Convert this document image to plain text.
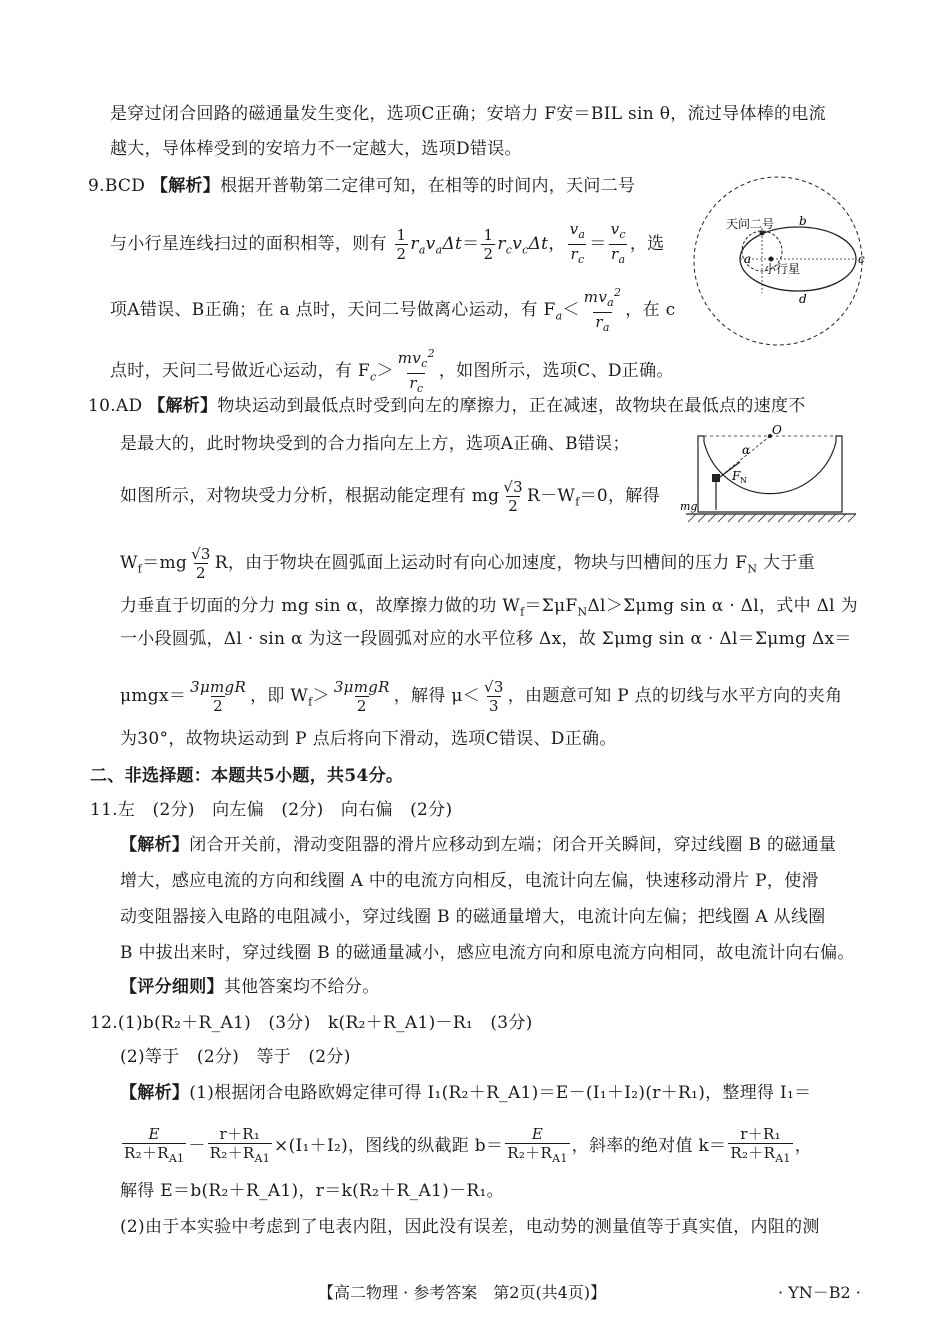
是穿过闭合回路的磁通量发生变化，选项C正确；安培力 F安＝BIL sin θ，流过导体棒的电流
越大，导体棒受到的安培力不一定越大，选项D错误。
9.BCD 【解析】根据开普勒第二定律可知，在相等的时间内，天问二号
与小行星连线扫过的面积相等，则有 $\frac{1}{2} r_av_a\Delta t= \frac{1}{2} r_cv_c\Delta t$， $\frac{v_a}{r_c} = \frac{v_c}{r_a}$ ，选
项A错误、B正确；在 a 点时，天问二号做离心运动，有 $F_a< \frac{mv_a^2}{r_a}$ ，在 c
点时，天问二号做近心运动，有 $F_c> \frac{mv_c^2}{r_c}$ ，如图所示，选项C、D正确。
天问二号
小行星
a
b
c
d
10.AD 【解析】物块运动到最低点时受到向左的摩擦力，正在减速，故物块在最低点的速度不
是最大的，此时物块受到的合力指向左上方，选项A正确、B错误；
如图所示，对物块受力分析，根据动能定理有 mg $\frac{√3}{2} R-W_f=0$，解得
$W_f=mg \frac{√3}{2}$ R，由于物块在圆弧面上运动时有向心加速度，物块与凹槽间的压力 $F_N$ 大于重
力垂直于切面的分力 mg sin α，故摩擦力做的功 $W_f=\Sigma\mu F_N\Delta l>\Sigma\mu mg$ sin α · Δl，式中 Δl 为
一小段圆弧，Δl · sin α 为这一段圆弧对应的水平位移 Δx，故 Σμmg sin α · Δl＝Σμmg Δx＝
$\mu mgx= \frac{\text{3μmgR}}{2}$ ，即 $W_f> \frac{\text{3μmgR}}{2}$ ，解得 $\mu< \frac{√3}{3}$ ，由题意可知 P 点的切线与水平方向的夹角
为30°，故物块运动到 P 点后将向下滑动，选项C错误、D正确。
O
α
F N
mg
二、非选择题：本题共5小题，共54分。
11.左　(2分)　向左偏　(2分)　向右偏　(2分)
【解析】闭合开关前，滑动变阻器的滑片应移动到左端；闭合开关瞬间，穿过线圈 B 的磁通量
增大，感应电流的方向和线圈 A 中的电流方向相反，电流计向左偏，快速移动滑片 P，使滑
动变阻器接入电路的电阻减小，穿过线圈 B 的磁通量增大，电流计向左偏；把线圈 A 从线圈
B 中拔出来时，穿过线圈 B 的磁通量减小，感应电流方向和原电流方向相同，故电流计向右偏。
【评分细则】其他答案均不给分。
12.(1)b(R₂＋R_A1)　(3分)　k(R₂＋R_A1)－R₁　(3分)
(2)等于　(2分)　等于　(2分)
【解析】(1)根据闭合电路欧姆定律可得 I₁(R₂＋R_A1)＝E－(I₁＋I₂)(r＋R₁)，整理得 I₁＝
$\frac{E}{R_2+R_{A1}} - \frac{\text{r＋R₁}}{R_2+R_{A1}} \times(I_1+I_2)$，图线的纵截距 $b= \frac{E}{R_2+R_{A1}}$ ，斜率的绝对值 $k= \frac{\text{r＋R₁}}{R_2+R_{A1}}$ ，
解得 E＝b(R₂＋R_A1)，r＝k(R₂＋R_A1)－R₁。
(2)由于本实验中考虑到了电表内阻，因此没有误差，电动势的测量值等于真实值，内阻的测
【高二物理 · 参考答案　第2页(共4页)】	· YN－B2 ·
